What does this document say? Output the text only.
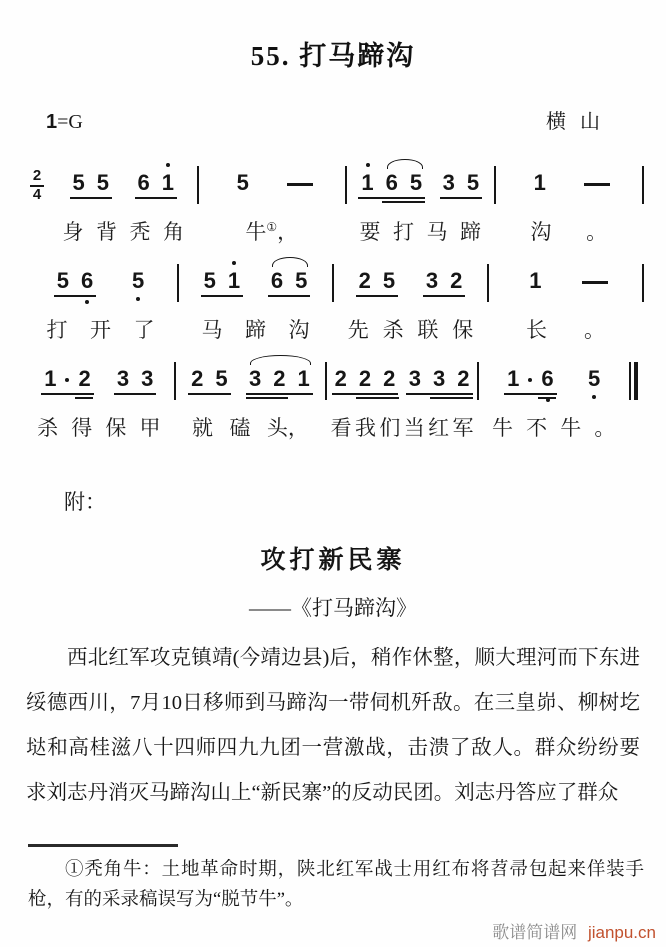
55. 打马蹄沟
1=G	横山
2
4 5 5 6 1
身 背 秃 角
5
牛①，
1 6 5 3 5
要 打 马 蹄
1
沟 。
5 6 5
打 开 了
5 1 6 5
马 蹄 沟
2 5 3 2
先 杀 联 保
1
长 。
1 2 3 3
杀 得 保 甲
2 5 3 2 1
就 磕 头，
2 2 2 3 3 2
看 我 们 当 红 军
1 6 5
牛 不 牛 。
附：
攻打新民寨
——《打马蹄沟》
西北红军攻克镇靖(今靖边县)后，稍作休整，顺大理河而下东进绥德西川，7月10日移师到马蹄沟一带伺机歼敌。在三皇峁、柳树圪垯和高桂滋八十四师四九九团一营激战，击溃了敌人。群众纷纷要求刘志丹消灭马蹄沟山上“新民寨”的反动民团。刘志丹答应了群众
①秃角牛：土地革命时期，陕北红军战士用红布将苕帚包起来佯装手枪，有的采录稿误写为“脱节牛”。
歌谱简谱网 jianpu.cn
